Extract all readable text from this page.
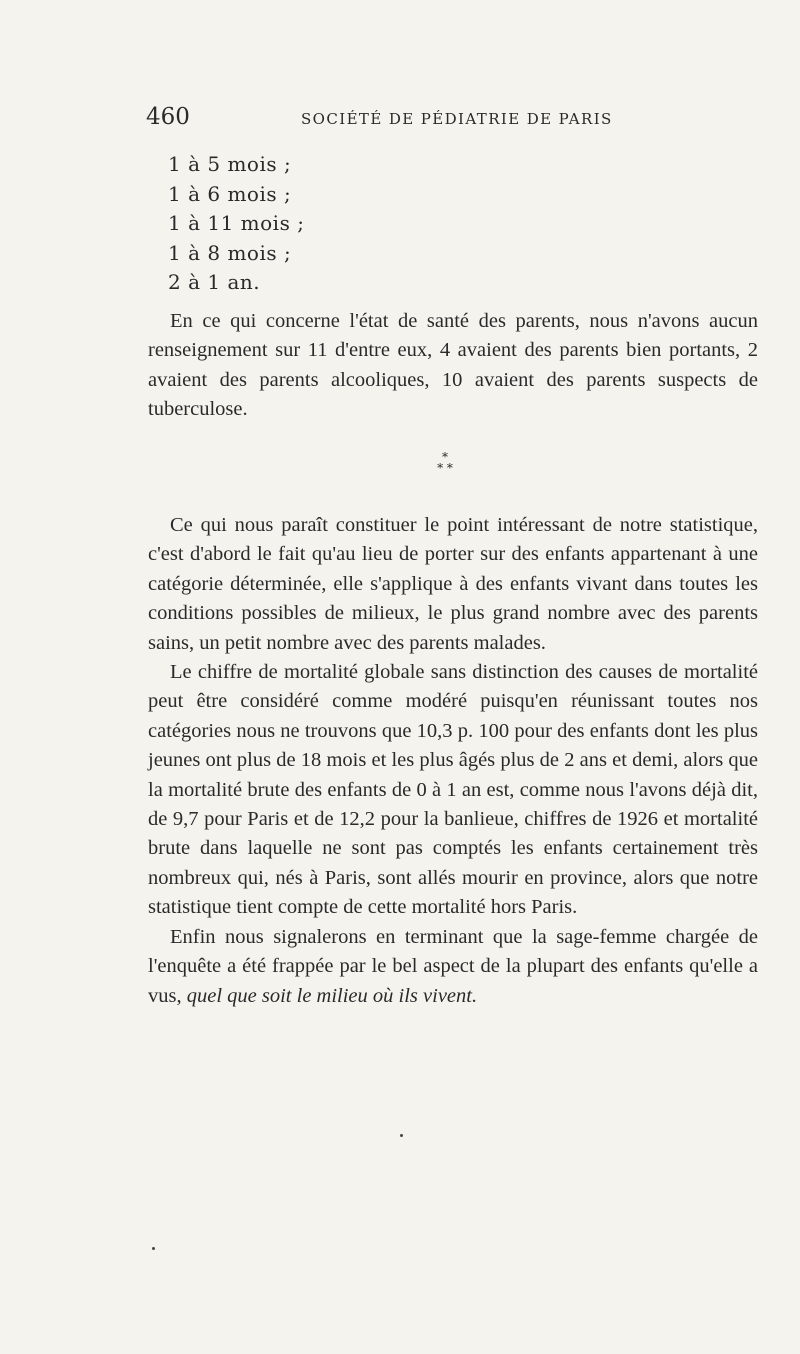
460	SOCIÉTÉ DE PÉDIATRIE DE PARIS
1 à 5 mois ;
1 à 6 mois ;
1 à 11 mois ;
1 à 8 mois ;
2 à 1 an.

En ce qui concerne l'état de santé des parents, nous n'avons aucun renseignement sur 11 d'entre eux, 4 avaient des parents bien portants, 2 avaient des parents alcooliques, 10 avaient des parents suspects de tuberculose.

*
* *

Ce qui nous paraît constituer le point intéressant de notre statistique, c'est d'abord le fait qu'au lieu de porter sur des enfants appartenant à une catégorie déterminée, elle s'applique à des enfants vivant dans toutes les conditions possibles de milieux, le plus grand nombre avec des parents sains, un petit nombre avec des parents malades.

Le chiffre de mortalité globale sans distinction des causes de mortalité peut être considéré comme modéré puisqu'en réunissant toutes nos catégories nous ne trouvons que 10,3 p. 100 pour des enfants dont les plus jeunes ont plus de 18 mois et les plus âgés plus de 2 ans et demi, alors que la mortalité brute des enfants de 0 à 1 an est, comme nous l'avons déjà dit, de 9,7 pour Paris et de 12,2 pour la banlieue, chiffres de 1926 et mortalité brute dans laquelle ne sont pas comptés les enfants certainement très nombreux qui, nés à Paris, sont allés mourir en province, alors que notre statistique tient compte de cette mortalité hors Paris.

Enfin nous signalerons en terminant que la sage-femme chargée de l'enquête a été frappée par le bel aspect de la plupart des enfants qu'elle a vus, quel que soit le milieu où ils vivent.
